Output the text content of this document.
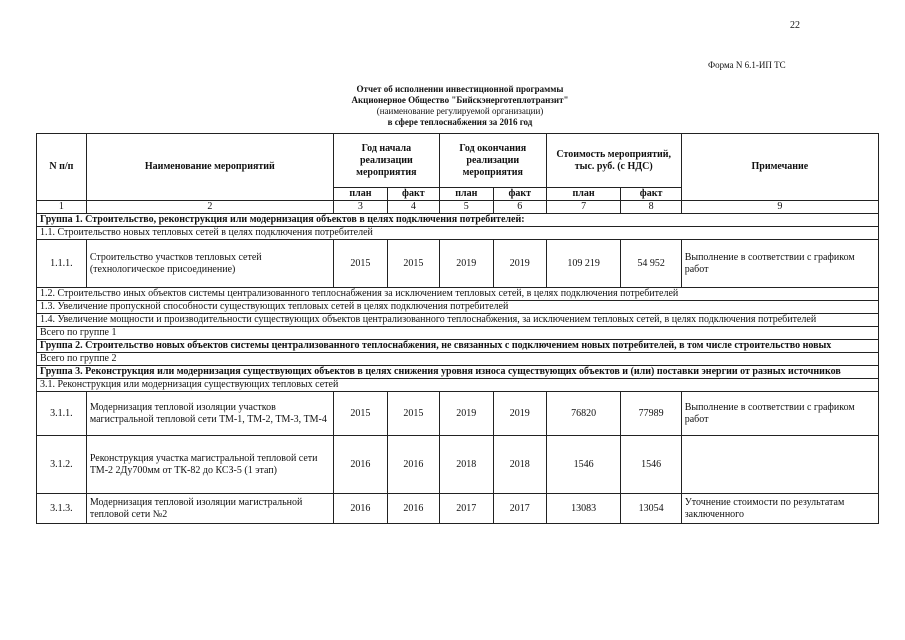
22
Форма N 6.1-ИП ТС
Отчет об исполнении инвестиционной программы
Акционерное Общество "Бийскэнерготеплотранзит"
(наименование регулируемой организации)
в сфере теплоснабжения за 2016 год
N п/п	Наименование мероприятий	Год начала реализации мероприятия		Год окончания реализации мероприятия		Стоимость мероприятий, тыс. руб. (с НДС)		Примечание
		план	факт	план	факт	план	факт	
1	2	3	4	5	6	7	8	9
Группа 1. Строительство, реконструкция или модернизация объектов в целях подключения потребителей:								
1.1. Строительство новых тепловых сетей в целях подключения потребителей								
1.1.1.	Строительство участков тепловых сетей (технологическое присоединение)	2015	2015	2019	2019	109 219	54 952	Выполнение в соответствии с графиком работ
1.2. Строительство иных объектов системы централизованного теплоснабжения за исключением тепловых сетей, в целях подключения потребителей								
1.3. Увеличение пропускной способности существующих тепловых сетей в целях подключения потребителей								
1.4. Увеличение мощности и производительности существующих объектов централизованного теплоснабжения, за исключением тепловых сетей, в целях подключения потребителей								
Всего по группе 1								
Группа 2. Строительство новых объектов системы централизованного теплоснабжения, не связанных с подключением новых потребителей, в том числе строительство новых								
Всего по группе 2								
Группа 3. Реконструкция или модернизация существующих объектов в целях снижения уровня износа существующих объектов и (или) поставки энергии от разных источников								
3.1. Реконструкция или модернизация существующих тепловых сетей								
3.1.1.	Модернизация тепловой изоляции участков магистральной тепловой сети ТМ-1, ТМ-2, ТМ-3, ТМ-4	2015	2015	2019	2019	76820	77989	Выполнение в соответствии с графиком работ
3.1.2.	Реконструкция участка магистральной тепловой сети ТМ-2 2Ду700мм от ТК-82 до КСЗ-5 (1 этап)	2016	2016	2018	2018	1546	1546	
3.1.3.	Модернизация тепловой изоляции магистральной тепловой сети №2	2016	2016	2017	2017	13083	13054	Уточнение стоимости по результатам заключенного
